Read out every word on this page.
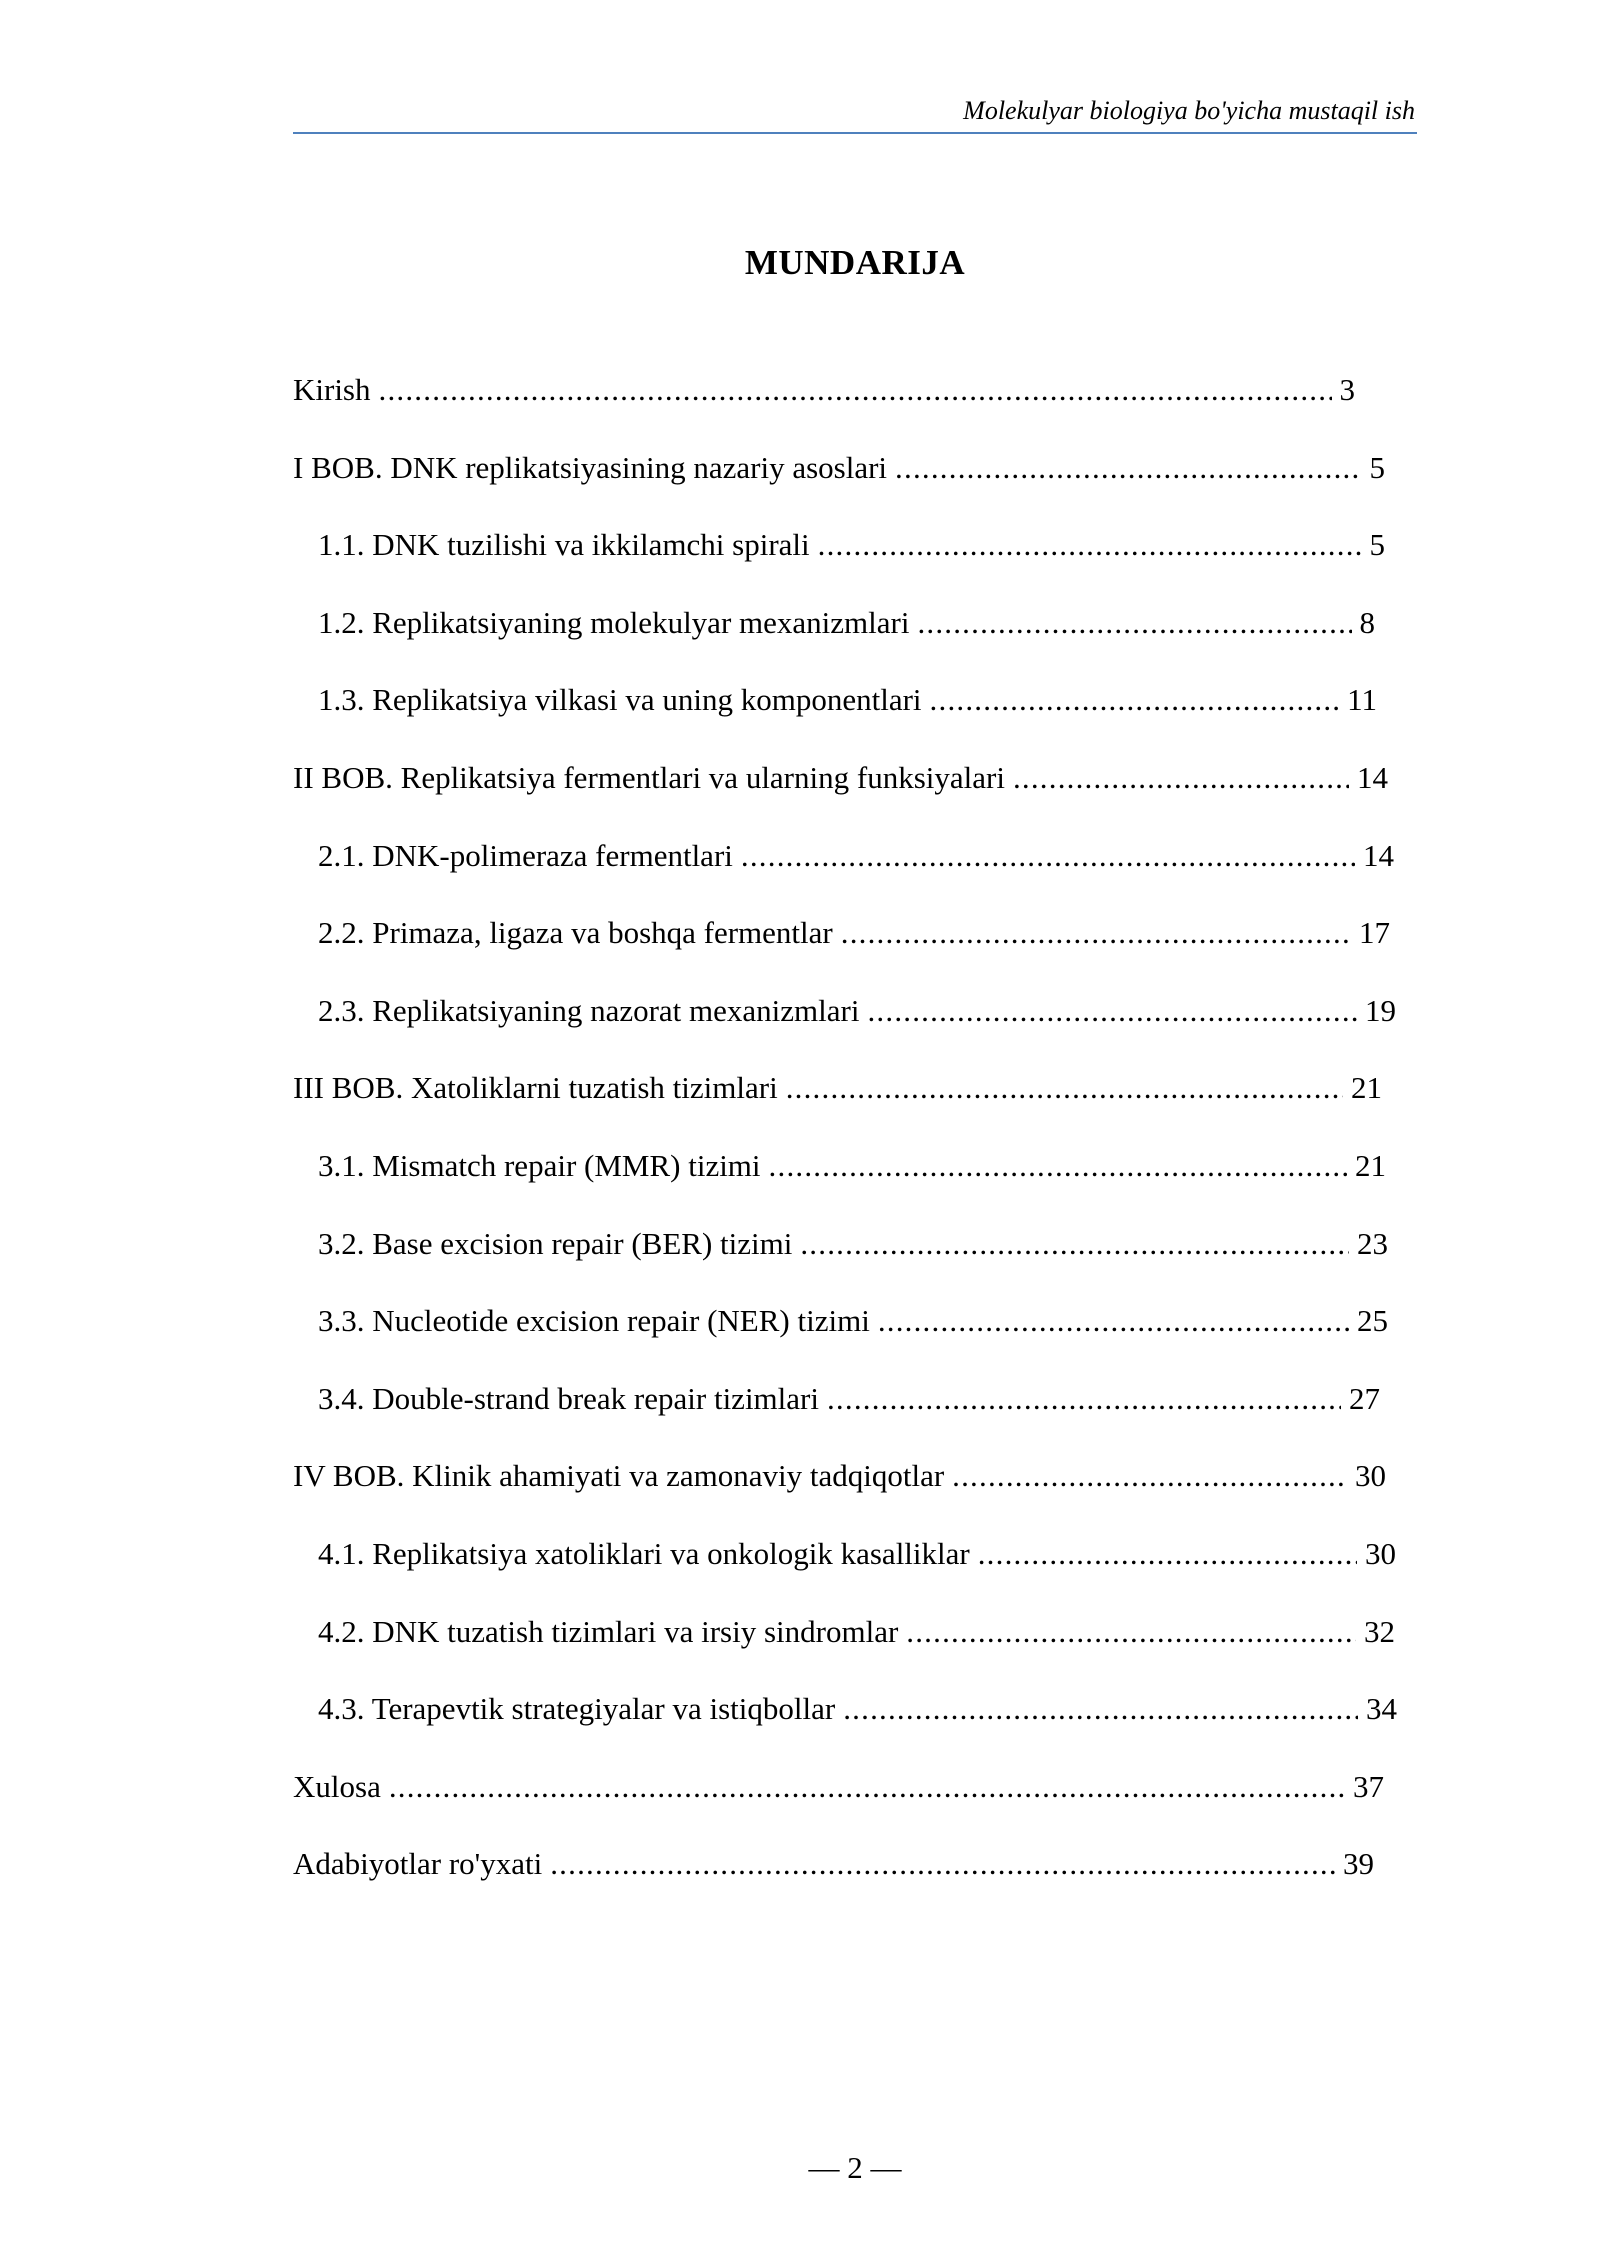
Molekulyar biologiya bo'yicha mustaqil ish
MUNDARIJA
Kirish .....	3
I BOB. DNK replikatsiyasining nazariy asoslari .....	5
1.1. DNK tuzilishi va ikkilamchi spirali .....	5
1.2. Replikatsiyaning molekulyar mexanizmlari .....	8
1.3. Replikatsiya vilkasi va uning komponentlari .....	11
II BOB. Replikatsiya fermentlari va ularning funksiyalari .....	14
2.1. DNK-polimeraza fermentlari .....	14
2.2. Primaza, ligaza va boshqa fermentlar .....	17
2.3. Replikatsiyaning nazorat mexanizmlari .....	19
III BOB. Xatoliklarni tuzatish tizimlari .....	21
3.1. Mismatch repair (MMR) tizimi .....	21
3.2. Base excision repair (BER) tizimi .....	23
3.3. Nucleotide excision repair (NER) tizimi .....	25
3.4. Double-strand break repair tizimlari .....	27
IV BOB. Klinik ahamiyati va zamonaviy tadqiqotlar .....	30
4.1. Replikatsiya xatoliklari va onkologik kasalliklar .....	30
4.2. DNK tuzatish tizimlari va irsiy sindromlar .....	32
4.3. Terapevtik strategiyalar va istiqbollar .....	34
Xulosa .....	37
Adabiyotlar ro'yxati .....	39
— 2 —
